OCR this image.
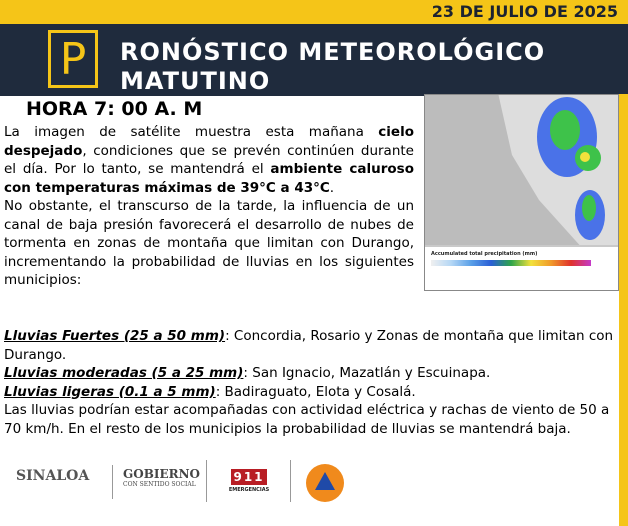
23 DE JULIO DE 2025
P	RONÓSTICO METEOROLÓGICO
MATUTINO
HORA 7: 00 A. M
Accumulated total precipitation (mm)
La imagen de satélite muestra esta mañana cielo despejado, condiciones que se prevén continúen durante el día. Por lo tanto, se mantendrá el ambiente caluroso con temperaturas máximas de 39°C a 43°C.
No obstante, el transcurso de la tarde, la influencia de un canal de baja presión favorecerá el desarrollo de nubes de tormenta en zonas de montaña que limitan con Durango, incrementando la probabilidad de lluvias en los siguientes municipios:
Lluvias Fuertes (25 a 50 mm): Concordia, Rosario y Zonas de montaña que limitan con Durango.
Lluvias moderadas (5 a 25 mm): San Ignacio, Mazatlán y Escuinapa.
Lluvias ligeras (0.1 a 5 mm): Badiraguato, Elota y Cosalá.
Las lluvias podrían estar acompañadas con actividad eléctrica y rachas de viento de 50 a 70 km/h. En el resto de los municipios la probabilidad de lluvias se mantendrá baja.
SINALOA	GOBIERNO
CON SENTIDO SOCIAL
911
EMERGENCIAS
